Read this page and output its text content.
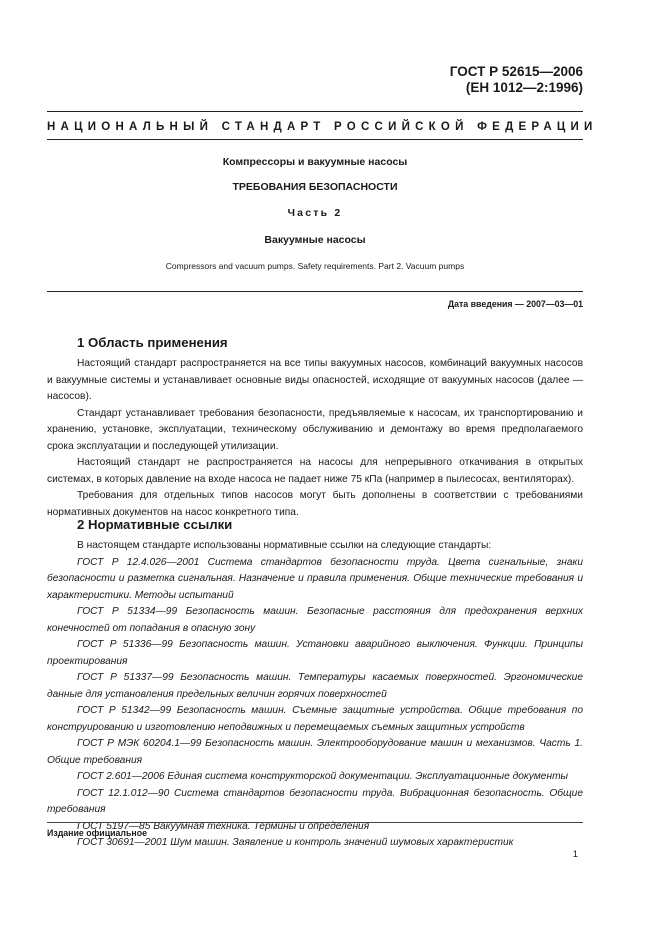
ГОСТ Р 52615—2006
(ЕН 1012—2:1996)
НАЦИОНАЛЬНЫЙ СТАНДАРТ РОССИЙСКОЙ ФЕДЕРАЦИИ
Компрессоры и вакуумные насосы
ТРЕБОВАНИЯ БЕЗОПАСНОСТИ
Часть 2
Вакуумные насосы
Compressors and vacuum pumps. Safety requirements. Part 2. Vacuum pumps
Дата введения — 2007—03—01
1 Область применения

Настоящий стандарт распространяется на все типы вакуумных насосов, комбинаций вакуумных насосов и вакуумные системы и устанавливает основные виды опасностей, исходящие от вакуумных насосов (далее — насосов).

Стандарт устанавливает требования безопасности, предъявляемые к насосам, их транспортированию и хранению, установке, эксплуатации, техническому обслуживанию и демонтажу во время предполагаемого срока эксплуатации и последующей утилизации.

Настоящий стандарт не распространяется на насосы для непрерывного откачивания в открытых системах, в которых давление на входе насоса не падает ниже 75 кПа (например в пылесосах, вентиляторах).

Требования для отдельных типов насосов могут быть дополнены в соответствии с требованиями нормативных документов на насос конкретного типа.

2 Нормативные ссылки

В настоящем стандарте использованы нормативные ссылки на следующие стандарты:

ГОСТ Р 12.4.026—2001 Система стандартов безопасности труда. Цвета сигнальные, знаки безопасности и разметка сигнальная. Назначение и правила применения. Общие технические требования и характеристики. Методы испытаний

ГОСТ Р 51334—99 Безопасность машин. Безопасные расстояния для предохранения верхних конечностей от попадания в опасную зону

ГОСТ Р 51336—99 Безопасность машин. Установки аварийного выключения. Функции. Принципы проектирования

ГОСТ Р 51337—99 Безопасность машин. Температуры касаемых поверхностей. Эргономические данные для установления предельных величин горячих поверхностей

ГОСТ Р 51342—99 Безопасность машин. Съемные защитные устройства. Общие требования по конструированию и изготовлению неподвижных и перемещаемых съемных защитных устройств

ГОСТ Р МЭК 60204.1—99 Безопасность машин. Электрооборудование машин и механизмов. Часть 1. Общие требования

ГОСТ 2.601—2006 Единая система конструкторской документации. Эксплуатационные документы

ГОСТ 12.1.012—90 Система стандартов безопасности труда. Вибрационная безопасность. Общие требования

ГОСТ 5197—85 Вакуумная техника. Термины и определения

ГОСТ 30691—2001 Шум машин. Заявление и контроль значений шумовых характеристик

Издание официальное
1
